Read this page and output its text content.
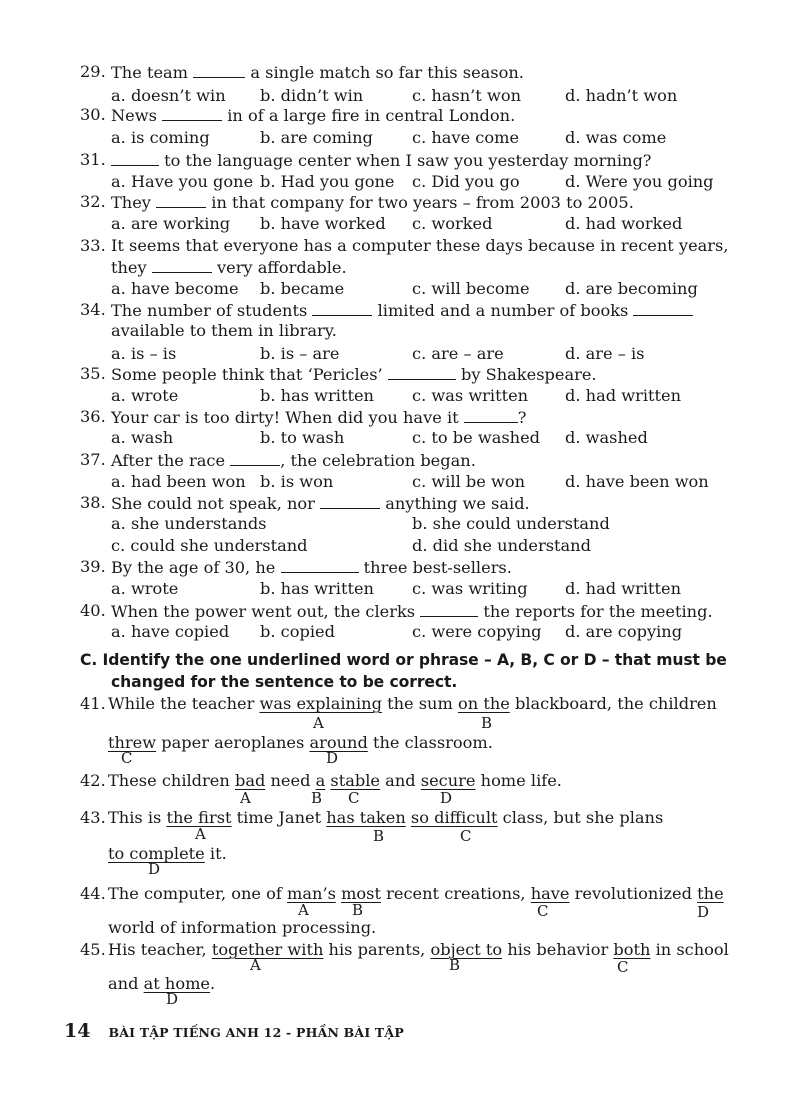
29. The team	a single match so far this season.
a. doesn’t win b. didn’t win	c. hasn’t won	d. hadn’t won
30. News	in of a large fire in central London.
a. is coming	b. are coming c. have come	d. was come
31.	to the language center when I saw you yesterday morning?
a. Have you gone b. Had you gone c. Did you go	d. Were you going
32. They	in that company for two years – from 2003 to 2005.
a. are working b. have worked c. worked	d. had worked
33. It seems that everyone has a computer these days because in recent years,
they	very affordable.
a. have become b. became	c. will become d. are becoming
34. The number of students	limited and a number of books
available to them in library.
a. is – is	b. is – are	c. are – are	d. are – is
35. Some people think that ‘Pericles’	by Shakespeare.
a. wrote	b. has written c. was written d. had written
36. Your car is too dirty! When did you have it	?
a. wash	b. to wash	c. to be washed d. washed
37. After the race	, the celebration began.
a. had been won b. is won	c. will be won d. have been won
38. She could not speak, nor	anything we said.
a. she understands	b. she could understand
c. could she understand	d. did she understand
39. By the age of 30, he	three best-sellers.
a. wrote	b. has written c. was writing d. had written
40. When the power went out, the clerks	the reports for the meeting.
a. have copied b. copied	c. were copying d. are copying
C. Identify the one underlined word or phrase – A, B, C or D – that must be
changed for the sentence to be correct.
41. While the teacher was explaining the sum on the blackboard, the children
A	B
threw paper aeroplanes around the classroom.
C	D
42. These children bad need a stable and secure home life.
A	B C	D
43. This is the first time Janet has taken so difficult class, but she plans
A	B	C
to complete it.
D
44. The computer, one of man’s most recent creations, have revolutionized the
A	B	C	D
world of information processing.
45. His teacher, together with his parents, object to his behavior both in school
A	B	C
and at home.
D
14 BÀI TẬP TIẾNG ANH 12 - PHẦN BÀI TẬP
